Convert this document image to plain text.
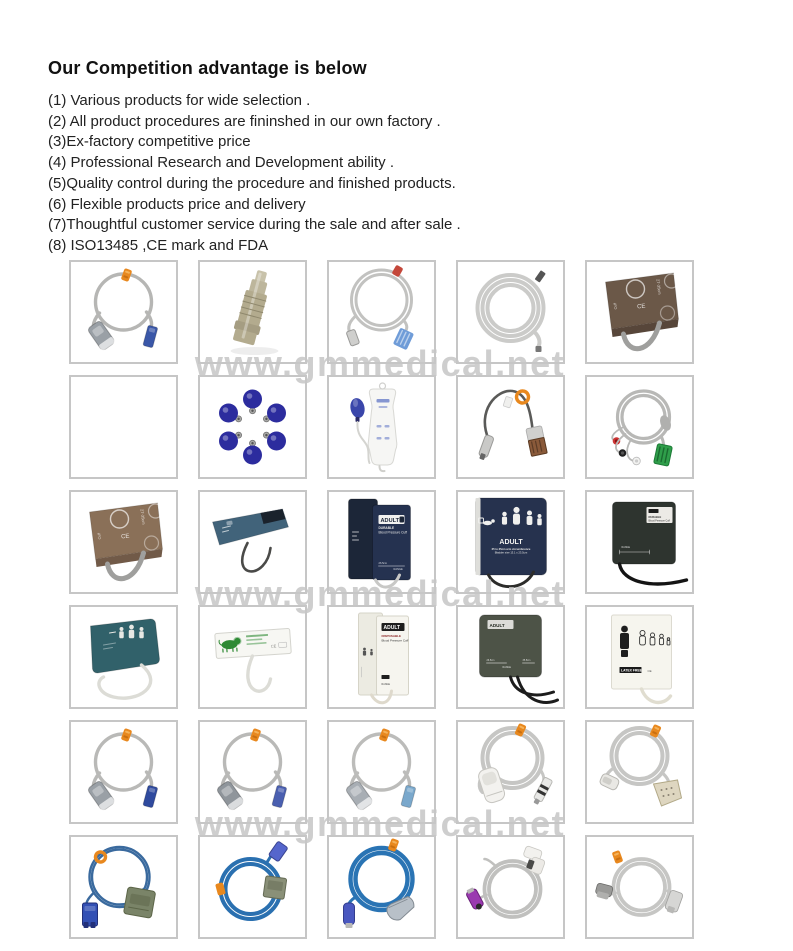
Our Competition advantage is below

(1) Various products for wide selection .

(2) All product procedures are fininshed in our own factory .

(3)Ex-factory competitive price

(4) Professional Research and Development ability .

(5)Quality control during the procedure and finished products.

(6) Flexible products price and delivery

(7)Thoughtful customer service during the sale and after sale .

(8) ISO13485 ,CE mark and FDA

CE
27-35cm
Cuff
CE
27-35cm
Cuff
ADULT
DURABLE
Blood Pressure Cuff
26.5cm
RANGE
ADULT
25 to 35cm arm circumference
Bladder size 13.1 x 23.5cm
DURABLE
Blood Pressure Cuff
RANGE
CE
ADULT
DISPOSABLE
Blood Pressure Cuff
RANGE
ADULT
26.5cm	35.5cm
RANGE
LATEX FREE CE
www.gmmedical.net
www.gmmedical.net
www.gmmedical.net
